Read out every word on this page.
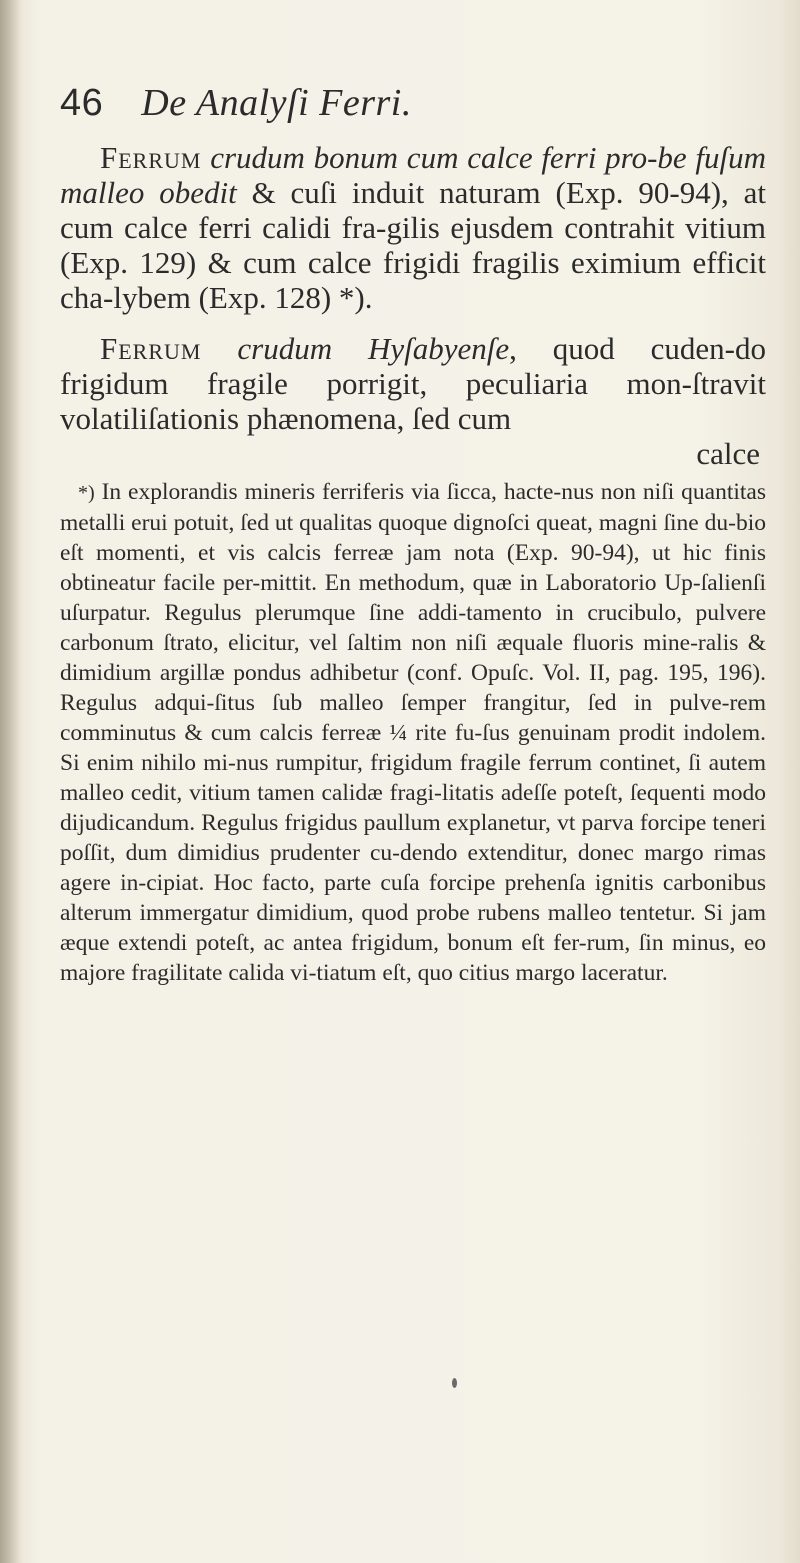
46 De Analyſi Ferri.

Ferrum crudum bonum cum calce ferri pro-be fuſum malleo obedit & cuſi induit naturam (Exp. 90-94), at cum calce ferri calidi fra-gilis ejusdem contrahit vitium (Exp. 129) & cum calce frigidi fragilis eximium efficit cha-lybem (Exp. 128) *).

Ferrum crudum Hyſabyenſe, quod cuden-do frigidum fragile porrigit, peculiaria mon-ſtravit volatiliſationis phænomena, ſed cum

calce

*) In explorandis mineris ferriferis via ſicca, hacte-nus non niſi quantitas metalli erui potuit, ſed ut qualitas quoque dignoſci queat, magni ſine du-bio eſt momenti, et vis calcis ferreæ jam nota (Exp. 90-94), ut hic finis obtineatur facile per-mittit. En methodum, quæ in Laboratorio Up-ſalienſi uſurpatur. Regulus plerumque ſine addi-tamento in crucibulo, pulvere carbonum ſtrato, elicitur, vel ſaltim non niſi æquale fluoris mine-ralis & dimidium argillæ pondus adhibetur (conf. Opuſc. Vol. II, pag. 195, 196). Regulus adqui-ſitus ſub malleo ſemper frangitur, ſed in pulve-rem comminutus & cum calcis ferreæ ¼ rite fu-ſus genuinam prodit indolem. Si enim nihilo mi-nus rumpitur, frigidum fragile ferrum continet, ſi autem malleo cedit, vitium tamen calidæ fragi-litatis adeſſe poteſt, ſequenti modo dijudicandum. Regulus frigidus paullum explanetur, vt parva forcipe teneri poſſit, dum dimidius prudenter cu-dendo extenditur, donec margo rimas agere in-cipiat. Hoc facto, parte cuſa forcipe prehenſa ignitis carbonibus alterum immergatur dimidium, quod probe rubens malleo tentetur. Si jam æque extendi poteſt, ac antea frigidum, bonum eſt fer-rum, ſin minus, eo majore fragilitate calida vi-tiatum eſt, quo citius margo laceratur.
